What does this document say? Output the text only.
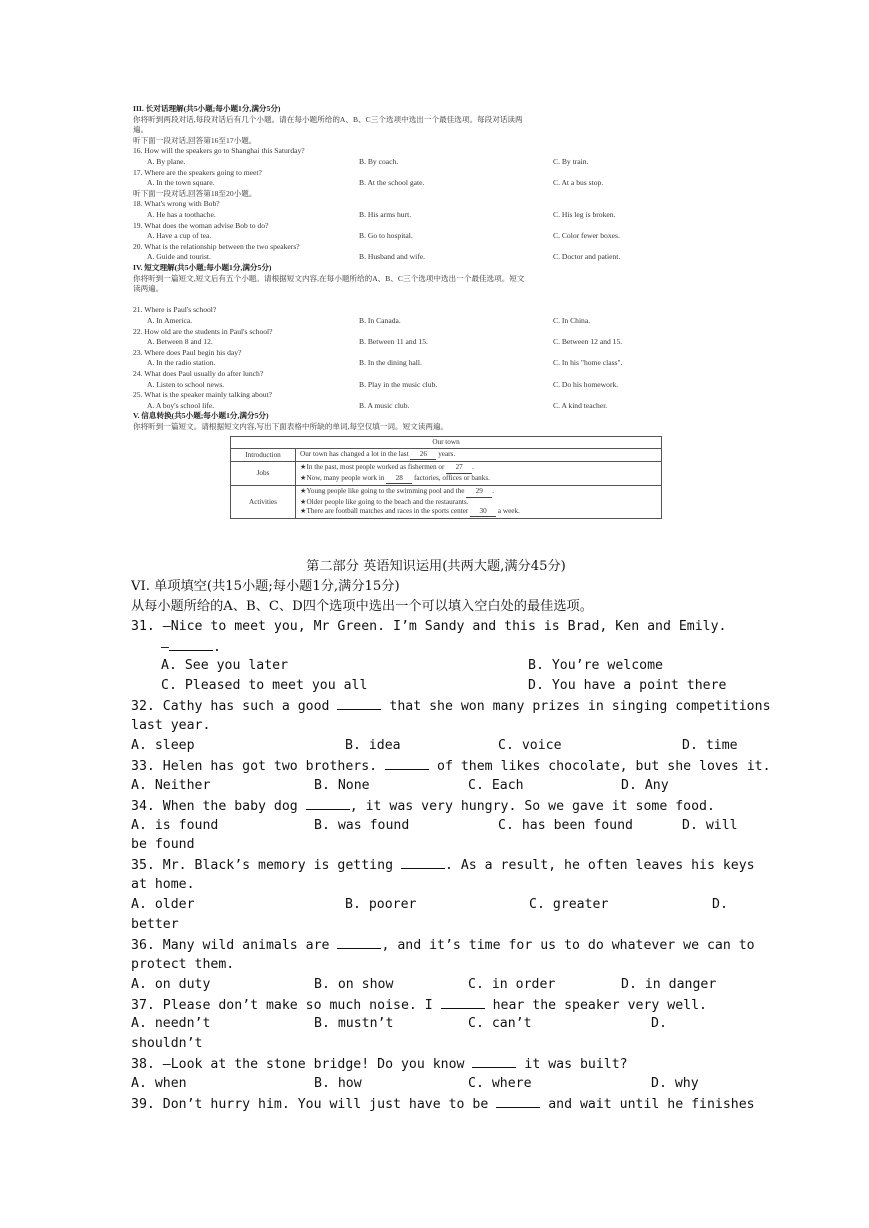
III. 长对话理解(共5小题;每小题1分,满分5分)
你将听到两段对话,每段对话后有几个小题。请在每小题所给的A、B、C三个选项中选出一个最佳选项。每段对话读两
遍。
听下面一段对话,回答第16至17小题。
16. How will the speakers go to Shanghai this Saturday?
A. By plane.	B. By coach.	C. By train.
17. Where are the speakers going to meet?
A. In the town square.	B. At the school gate.	C. At a bus stop.
听下面一段对话,回答第18至20小题。
18. What's wrong with Bob?
A. He has a toothache.	B. His arms hurt.	C. His leg is broken.
19. What does the woman advise Bob to do?
A. Have a cup of tea.	B. Go to hospital.	C. Color fewer boxes.
20. What is the relationship between the two speakers?
A. Guide and tourist.	B. Husband and wife.	C. Doctor and patient.
IV. 短文理解(共5小题;每小题1分,满分5分)
你将听到一篇短文,短文后有五个小题。请根据短文内容,在每小题所给的A、B、C三个选项中选出一个最佳选项。短文
读两遍。
21. Where is Paul's school?
A. In America.	B. In Canada.	C. In China.
22. How old are the students in Paul's school?
A. Between 8 and 12.	B. Between 11 and 15.	C. Between 12 and 15.
23. Where does Paul begin his day?
A. In the radio station.	B. In the dining hall.	C. In his "home class".
24. What does Paul usually do after lunch?
A. Listen to school news.	B. Play in the music club.	C. Do his homework.
25. What is the speaker mainly talking about?
A. A boy's school life.	B. A music club.	C. A kind teacher.
V. 信息转换(共5小题;每小题1分,满分5分)
你将听到一篇短文。请根据短文内容,写出下面表格中所缺的单词,每空仅填一词。短文读两遍。
Our town	
Introduction	Our town has changed a lot in the last 26 years.
Jobs	★In the past, most people worked as fishermen or 27 .
★Now, many people work in 28 factories, offices or banks.

Activities	★Young people like going to the swimming pool and the 29 .
★Older people like going to the beach and the restaurants.
★There are football matches and races in the sports center 30 a week.
第二部分 英语知识运用(共两大题,满分45分)
VI. 单项填空(共15小题;每小题1分,满分15分)
从每小题所给的A、B、C、D四个选项中选出一个可以填入空白处的最佳选项。
31. —Nice to meet you, Mr Green. I’m Sandy and this is Brad, Ken and Emily.
—	.
A. See you later	B. You’re welcome
C. Pleased to meet you all	D. You have a point there
32. Cathy has such a good	that she won many prizes in singing competitions
last year.
A. sleep	B. idea	C. voice	D. time
33. Helen has got two brothers.	of them likes chocolate, but she loves it.
A. Neither	B. None	C. Each	D. Any
34. When the baby dog	, it was very hungry. So we gave it some food.
A. is found	B. was found	C. has been found	D. will
be found
35. Mr. Black’s memory is getting	. As a result, he often leaves his keys
at home.
A. older	B. poorer	C. greater	D.
better
36. Many wild animals are	, and it’s time for us to do whatever we can to
protect them.
A. on duty	B. on show	C. in order	D. in danger
37. Please don’t make so much noise. I	hear the speaker very well.
A. needn’t	B. mustn’t	C. can’t	D.
shouldn’t
38. —Look at the stone bridge! Do you know	it was built?
A. when	B. how	C. where	D. why
39. Don’t hurry him. You will just have to be	and wait until he finishes
